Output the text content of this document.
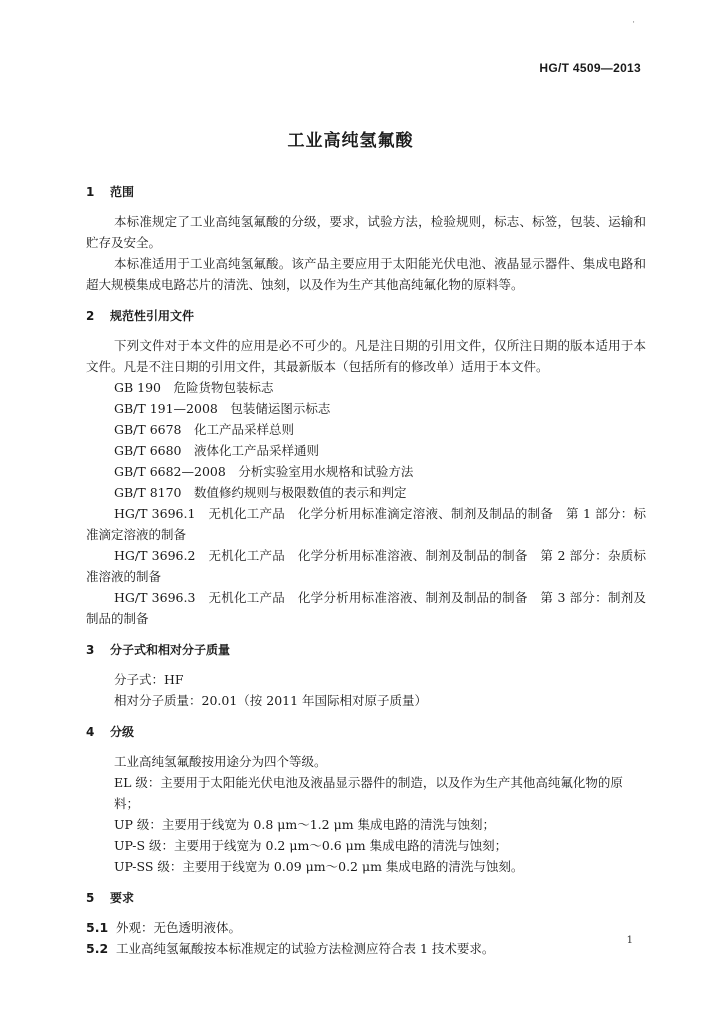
·
HG/T 4509—2013
工业高纯氢氟酸
1 范围

本标准规定了工业高纯氢氟酸的分级，要求，试验方法，检验规则，标志、标签，包装、运输和贮存及安全。

本标准适用于工业高纯氢氟酸。该产品主要应用于太阳能光伏电池、液晶显示器件、集成电路和超大规模集成电路芯片的清洗、蚀刻，以及作为生产其他高纯氟化物的原料等。

2 规范性引用文件

下列文件对于本文件的应用是必不可少的。凡是注日期的引用文件，仅所注日期的版本适用于本文件。凡是不注日期的引用文件，其最新版本（包括所有的修改单）适用于本文件。

GB 190　危险货物包装标志

GB/T 191—2008　包装储运图示标志

GB/T 6678　化工产品采样总则

GB/T 6680　液体化工产品采样通则

GB/T 6682—2008　分析实验室用水规格和试验方法

GB/T 8170　数值修约规则与极限数值的表示和判定

HG/T 3696.1　无机化工产品　化学分析用标准滴定溶液、制剂及制品的制备　第 1 部分：标准滴定溶液的制备

HG/T 3696.2　无机化工产品　化学分析用标准溶液、制剂及制品的制备　第 2 部分：杂质标准溶液的制备

HG/T 3696.3　无机化工产品　化学分析用标准溶液、制剂及制品的制备　第 3 部分：制剂及制品的制备

3 分子式和相对分子质量

分子式：HF

相对分子质量：20.01（按 2011 年国际相对原子质量）

4 分级

工业高纯氢氟酸按用途分为四个等级。

EL 级：主要用于太阳能光伏电池及液晶显示器件的制造，以及作为生产其他高纯氟化物的原料；

UP 级：主要用于线宽为 0.8 μm～1.2 μm 集成电路的清洗与蚀刻；

UP-S 级：主要用于线宽为 0.2 μm～0.6 μm 集成电路的清洗与蚀刻；

UP-SS 级：主要用于线宽为 0.09 μm～0.2 μm 集成电路的清洗与蚀刻。

5 要求

5.1 外观：无色透明液体。

5.2 工业高纯氢氟酸按本标准规定的试验方法检测应符合表 1 技术要求。

1
